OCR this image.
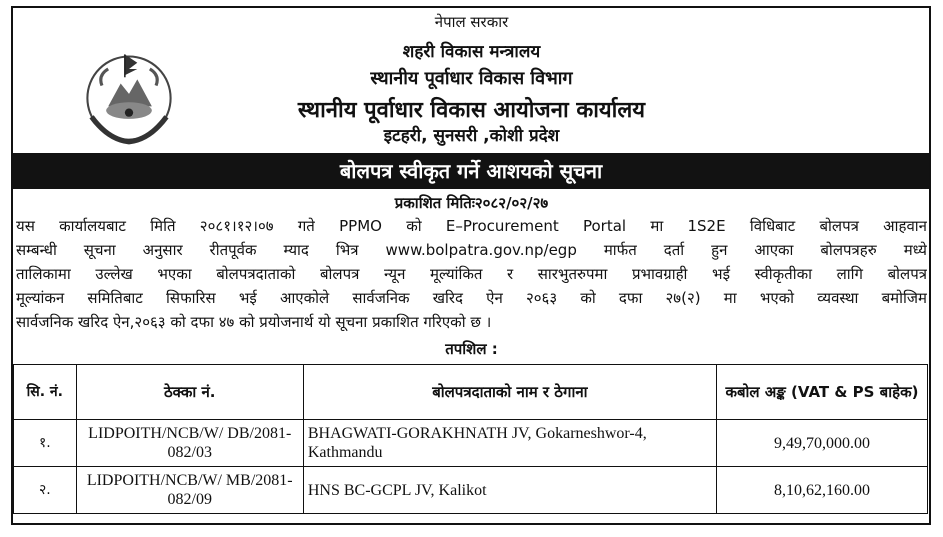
नेपाल सरकार
शहरी विकास मन्त्रालय
स्थानीय पूर्वाधार विकास विभाग
स्थानीय पूर्वाधार विकास आयोजना कार्यालय
इटहरी, सुनसरी ,कोशी प्रदेश
बोलपत्र स्वीकृत गर्ने आशयको सूचना
प्रकाशित मितिः२०८२/०२/२७
यस कार्यालयबाट मिति २०८१।१२।०७ गते PPMO को E–Procurement Portal मा 1S2E विधिबाट बोलपत्र आहवान
सम्बन्धी सूचना अनुसार रीतपूर्वक म्याद भित्र www.bolpatra.gov.np/egp मार्फत दर्ता हुन आएका बोलपत्रहरु मध्ये
तालिकामा उल्लेख भएका बोलपत्रदाताको बोलपत्र न्यून मूल्यांकित र सारभुतरुपमा प्रभावग्राही भई स्वीकृतीका लागि बोलपत्र
मूल्यांकन समितिबाट सिफारिस भई आएकोले सार्वजनिक खरिद ऐन २०६३ को दफा २७(२) मा भएको व्यवस्था बमोजिम
सार्वजनिक खरिद ऐन,२०६३ को दफा ४७ को प्रयोजनार्थ यो सूचना प्रकाशित गरिएको छ ।
तपशिल :
सि. नं.	ठेक्का नं.	बोलपत्रदाताको नाम र ठेगाना	कबोल अङ्क (VAT & PS बाहेक)
१.	LIDPOITH/NCB/W/ DB/2081-082/03	BHAGWATI-GORAKHNATH JV, Gokarneshwor-4, Kathmandu	9,49,70,000.00

२.	LIDPOITH/NCB/W/ MB/2081-082/09	HNS BC-GCPL JV, Kalikot	8,10,62,160.00
